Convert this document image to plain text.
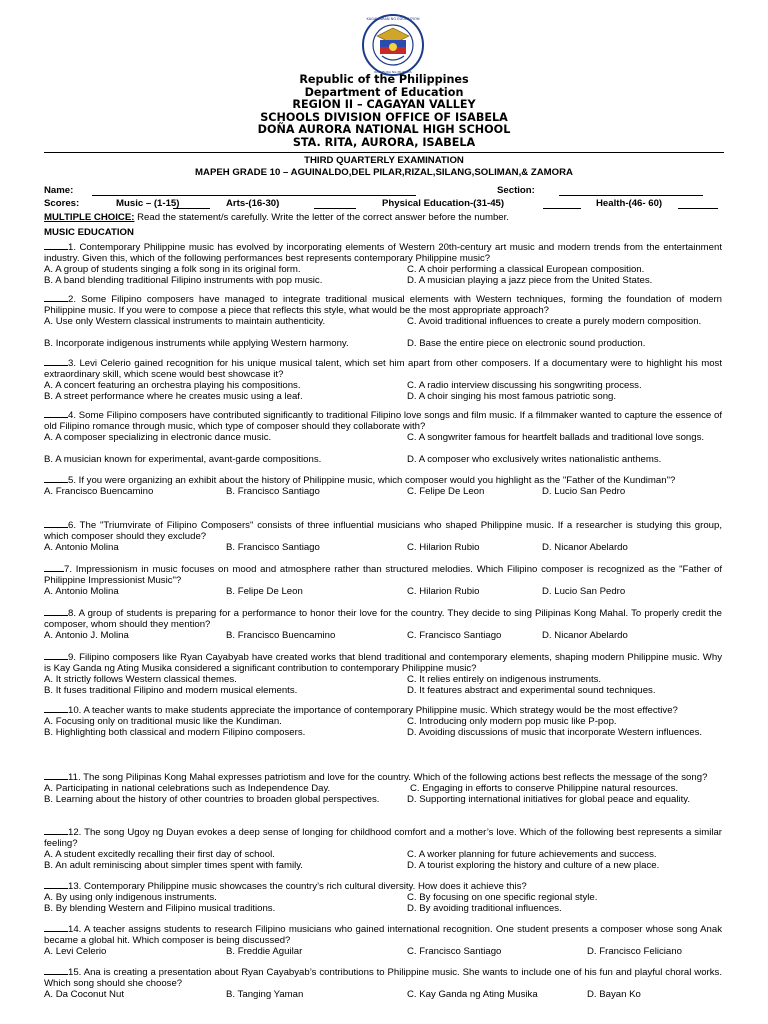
KAGAWARAN NG EDUKASYON
REPUBLIKA NG PILIPINAS
Republic of the Philippines
Department of Education
REGION II – CAGAYAN VALLEY
SCHOOLS DIVISION OFFICE OF ISABELA
DOÑA AURORA NATIONAL HIGH SCHOOL
STA. RITA, AURORA, ISABELA
THIRD QUARTERLY EXAMINATION
MAPEH GRADE 10 – AGUINALDO,DEL PILAR,RIZAL,SILANG,SOLIMAN,& ZAMORA
Name:	Section:
Scores:	Music – (1-15)	Arts-(16-30)	Physical Education-(31-45)	Health-(46- 60)
MULTIPLE CHOICE: Read the statement/s carefully. Write the letter of the correct answer before the number.
MUSIC EDUCATION
1. Contemporary Philippine music has evolved by incorporating elements of Western 20th-century art music and modern trends from the entertainment industry. Given this, which of the following performances best represents contemporary Philippine music?
A. A group of students singing a folk song in its original form.	C. A choir performing a classical European composition.
B. A band blending traditional Filipino instruments with pop music.	D. A musician playing a jazz piece from the United States.
2. Some Filipino composers have managed to integrate traditional musical elements with Western techniques, forming the foundation of modern Philippine music. If you were to compose a piece that reflects this style, what would be the most appropriate approach?
A. Use only Western classical instruments to maintain authenticity.	C. Avoid traditional influences to create a purely modern composition.
B. Incorporate indigenous instruments while applying Western harmony.	D. Base the entire piece on electronic sound production.
3. Levi Celerio gained recognition for his unique musical talent, which set him apart from other composers. If a documentary were to highlight his most extraordinary skill, which scene would best showcase it?
A. A concert featuring an orchestra playing his compositions.	C. A radio interview discussing his songwriting process.
B. A street performance where he creates music using a leaf.	D. A choir singing his most famous patriotic song.
4. Some Filipino composers have contributed significantly to traditional Filipino love songs and film music. If a filmmaker wanted to capture the essence of old Filipino romance through music, which type of composer should they collaborate with?
A. A composer specializing in electronic dance music.	C. A songwriter famous for heartfelt ballads and traditional love songs.
B. A musician known for experimental, avant-garde compositions.	D. A composer who exclusively writes nationalistic anthems.
5. If you were organizing an exhibit about the history of Philippine music, which composer would you highlight as the "Father of the Kundiman"?
A. Francisco Buencamino	B. Francisco Santiago	C. Felipe De Leon	D. Lucio San Pedro
6. The "Triumvirate of Filipino Composers" consists of three influential musicians who shaped Philippine music. If a researcher is studying this group, which composer should they exclude?
A. Antonio Molina	B. Francisco Santiago	C. Hilarion Rubio	D. Nicanor Abelardo
7. Impressionism in music focuses on mood and atmosphere rather than structured melodies. Which Filipino composer is recognized as the "Father of Philippine Impressionist Music"?
A. Antonio Molina	B. Felipe De Leon	C. Hilarion Rubio	D. Lucio San Pedro
8. A group of students is preparing for a performance to honor their love for the country. They decide to sing Pilipinas Kong Mahal. To properly credit the composer, whom should they mention?
A. Antonio J. Molina	B. Francisco Buencamino	C. Francisco Santiago	D. Nicanor Abelardo
9. Filipino composers like Ryan Cayabyab have created works that blend traditional and contemporary elements, shaping modern Philippine music. Why is Kay Ganda ng Ating Musika considered a significant contribution to contemporary Philippine music?
A. It strictly follows Western classical themes.	C. It relies entirely on indigenous instruments.
B. It fuses traditional Filipino and modern musical elements.	D. It features abstract and experimental sound techniques.
10. A teacher wants to make students appreciate the importance of contemporary Philippine music. Which strategy would be the most effective?
A. Focusing only on traditional music like the Kundiman.	C. Introducing only modern pop music like P-pop.
B. Highlighting both classical and modern Filipino composers.	D. Avoiding discussions of music that incorporate Western influences.
11. The song Pilipinas Kong Mahal expresses patriotism and love for the country. Which of the following actions best reflects the message of the song?
A. Participating in national celebrations such as Independence Day.	C. Engaging in efforts to conserve Philippine natural resources.
B. Learning about the history of other countries to broaden global perspectives.	D. Supporting international initiatives for global peace and equality.
12. The song Ugoy ng Duyan evokes a deep sense of longing for childhood comfort and a mother’s love. Which of the following best represents a similar feeling?
A. A student excitedly recalling their first day of school.	C. A worker planning for future achievements and success.
B. An adult reminiscing about simpler times spent with family.	D. A tourist exploring the history and culture of a new place.
13. Contemporary Philippine music showcases the country’s rich cultural diversity. How does it achieve this?
A. By using only indigenous instruments.	C. By focusing on one specific regional style.
B. By blending Western and Filipino musical traditions.	D. By avoiding traditional influences.
14. A teacher assigns students to research Filipino musicians who gained international recognition. One student presents a composer whose song Anak became a global hit. Which composer is being discussed?
A. Levi Celerio	B. Freddie Aguilar	C. Francisco Santiago	D. Francisco Feliciano
15. Ana is creating a presentation about Ryan Cayabyab’s contributions to Philippine music. She wants to include one of his fun and playful choral works. Which song should she choose?
A. Da Coconut Nut	B. Tanging Yaman	C. Kay Ganda ng Ating Musika	D. Bayan Ko
